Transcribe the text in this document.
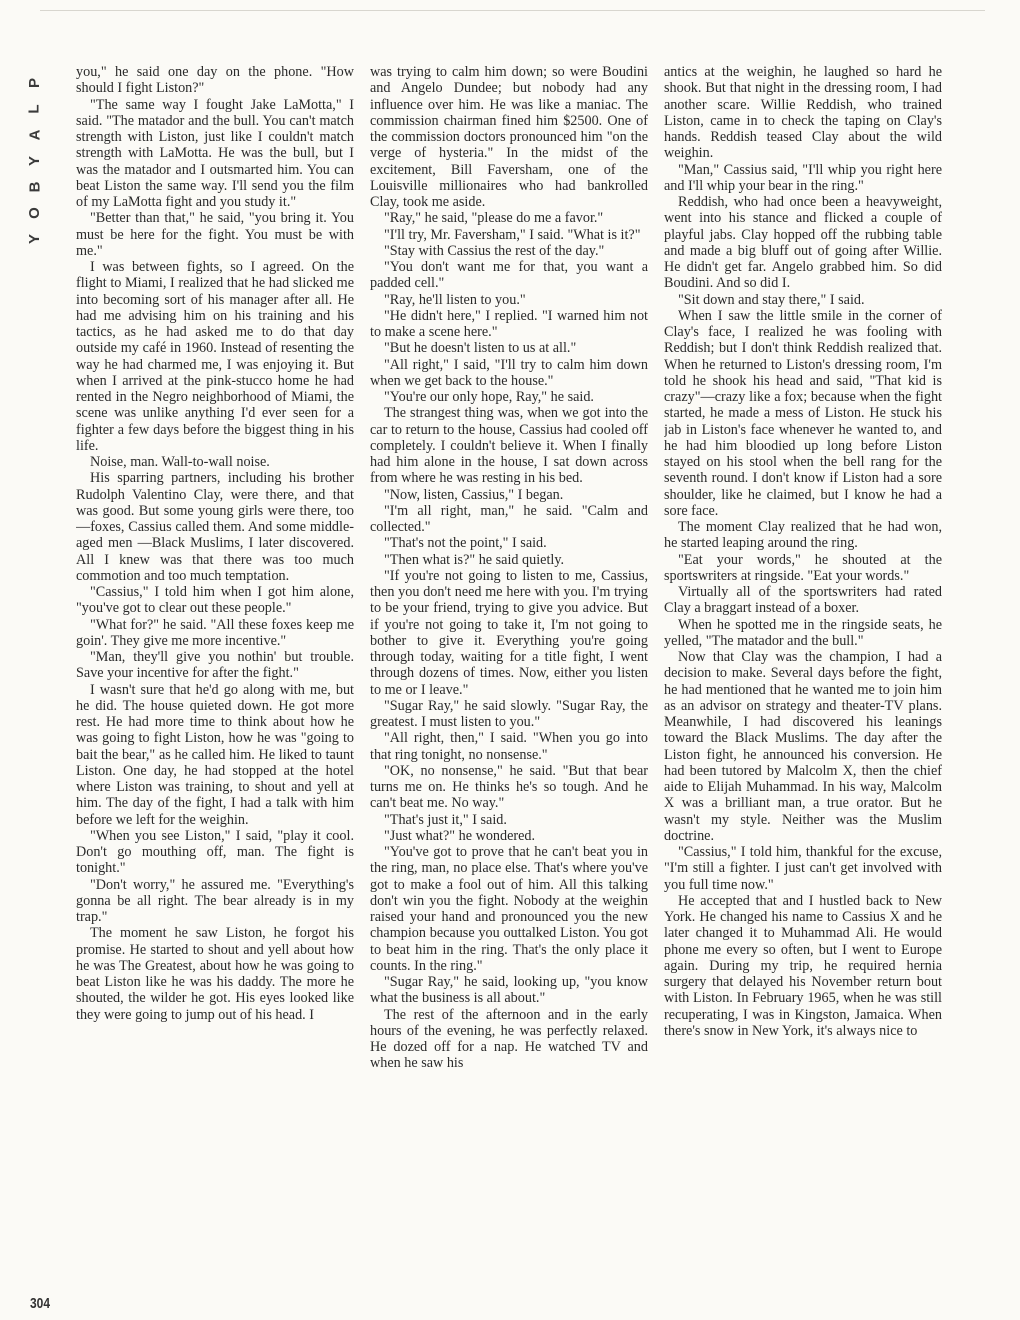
P
L
A
Y
B
O
Y
304

you," he said one day on the phone. "How should I fight Liston?"

"The same way I fought Jake LaMotta," I said. "The matador and the bull. You can't match strength with Liston, just like I couldn't match strength with LaMotta. He was the bull, but I was the matador and I outsmarted him. You can beat Liston the same way. I'll send you the film of my LaMotta fight and you study it."

"Better than that," he said, "you bring it. You must be here for the fight. You must be with me."

I was between fights, so I agreed. On the flight to Miami, I realized that he had slicked me into becoming sort of his manager after all. He had me advising him on his training and his tactics, as he had asked me to do that day outside my café in 1960. Instead of resenting the way he had charmed me, I was enjoying it. But when I arrived at the pink-stucco home he had rented in the Negro neighborhood of Miami, the scene was unlike anything I'd ever seen for a fighter a few days before the biggest thing in his life.

Noise, man. Wall-to-wall noise.

His sparring partners, including his brother Rudolph Valentino Clay, were there, and that was good. But some young girls were there, too—foxes, Cassius called them. And some middle-aged men —Black Muslims, I later discovered. All I knew was that there was too much commotion and too much temptation.

"Cassius," I told him when I got him alone, "you've got to clear out these people."

"What for?" he said. "All these foxes keep me goin'. They give me more incentive."

"Man, they'll give you nothin' but trouble. Save your incentive for after the fight."

I wasn't sure that he'd go along with me, but he did. The house quieted down. He got more rest. He had more time to think about how he was going to fight Liston, how he was "going to bait the bear," as he called him. He liked to taunt Liston. One day, he had stopped at the hotel where Liston was training, to shout and yell at him. The day of the fight, I had a talk with him before we left for the weighin.

"When you see Liston," I said, "play it cool. Don't go mouthing off, man. The fight is tonight."

"Don't worry," he assured me. "Everything's gonna be all right. The bear already is in my trap."

The moment he saw Liston, he forgot his promise. He started to shout and yell about how he was The Greatest, about how he was going to beat Liston like he was his daddy. The more he shouted, the wilder he got. His eyes looked like they were going to jump out of his head. I

was trying to calm him down; so were Boudini and Angelo Dundee; but nobody had any influence over him. He was like a maniac. The commission chairman fined him $2500. One of the commission doctors pronounced him "on the verge of hysteria." In the midst of the excitement, Bill Faversham, one of the Louisville millionaires who had bankrolled Clay, took me aside.

"Ray," he said, "please do me a favor."

"I'll try, Mr. Faversham," I said. "What is it?"

"Stay with Cassius the rest of the day."

"You don't want me for that, you want a padded cell."

"Ray, he'll listen to you."

"He didn't here," I replied. "I warned him not to make a scene here."

"But he doesn't listen to us at all."

"All right," I said, "I'll try to calm him down when we get back to the house."

"You're our only hope, Ray," he said.

The strangest thing was, when we got into the car to return to the house, Cassius had cooled off completely. I couldn't believe it. When I finally had him alone in the house, I sat down across from where he was resting in his bed.

"Now, listen, Cassius," I began.

"I'm all right, man," he said. "Calm and collected."

"That's not the point," I said.

"Then what is?" he said quietly.

"If you're not going to listen to me, Cassius, then you don't need me here with you. I'm trying to be your friend, trying to give you advice. But if you're not going to take it, I'm not going to bother to give it. Everything you're going through today, waiting for a title fight, I went through dozens of times. Now, either you listen to me or I leave."

"Sugar Ray," he said slowly. "Sugar Ray, the greatest. I must listen to you."

"All right, then," I said. "When you go into that ring tonight, no nonsense."

"OK, no nonsense," he said. "But that bear turns me on. He thinks he's so tough. And he can't beat me. No way."

"That's just it," I said.

"Just what?" he wondered.

"You've got to prove that he can't beat you in the ring, man, no place else. That's where you've got to make a fool out of him. All this talking don't win you the fight. Nobody at the weighin raised your hand and pronounced you the new champion because you outtalked Liston. You got to beat him in the ring. That's the only place it counts. In the ring."

"Sugar Ray," he said, looking up, "you know what the business is all about."

The rest of the afternoon and in the early hours of the evening, he was perfectly relaxed. He dozed off for a nap. He watched TV and when he saw his

antics at the weighin, he laughed so hard he shook. But that night in the dressing room, I had another scare. Willie Reddish, who trained Liston, came in to check the taping on Clay's hands. Reddish teased Clay about the wild weighin.

"Man," Cassius said, "I'll whip you right here and I'll whip your bear in the ring."

Reddish, who had once been a heavyweight, went into his stance and flicked a couple of playful jabs. Clay hopped off the rubbing table and made a big bluff out of going after Willie. He didn't get far. Angelo grabbed him. So did Boudini. And so did I.

"Sit down and stay there," I said.

When I saw the little smile in the corner of Clay's face, I realized he was fooling with Reddish; but I don't think Reddish realized that. When he returned to Liston's dressing room, I'm told he shook his head and said, "That kid is crazy"—crazy like a fox; because when the fight started, he made a mess of Liston. He stuck his jab in Liston's face whenever he wanted to, and he had him bloodied up long before Liston stayed on his stool when the bell rang for the seventh round. I don't know if Liston had a sore shoulder, like he claimed, but I know he had a sore face.

The moment Clay realized that he had won, he started leaping around the ring.

"Eat your words," he shouted at the sportswriters at ringside. "Eat your words."

Virtually all of the sportswriters had rated Clay a braggart instead of a boxer.

When he spotted me in the ringside seats, he yelled, "The matador and the bull."

Now that Clay was the champion, I had a decision to make. Several days before the fight, he had mentioned that he wanted me to join him as an advisor on strategy and theater-TV plans. Meanwhile, I had discovered his leanings toward the Black Muslims. The day after the Liston fight, he announced his conversion. He had been tutored by Malcolm X, then the chief aide to Elijah Muhammad. In his way, Malcolm X was a brilliant man, a true orator. But he wasn't my style. Neither was the Muslim doctrine.

"Cassius," I told him, thankful for the excuse, "I'm still a fighter. I just can't get involved with you full time now."

He accepted that and I hustled back to New York. He changed his name to Cassius X and he later changed it to Muhammad Ali. He would phone me every so often, but I went to Europe again. During my trip, he required hernia surgery that delayed his November return bout with Liston. In February 1965, when he was still recuperating, I was in Kingston, Jamaica. When there's snow in New York, it's always nice to
